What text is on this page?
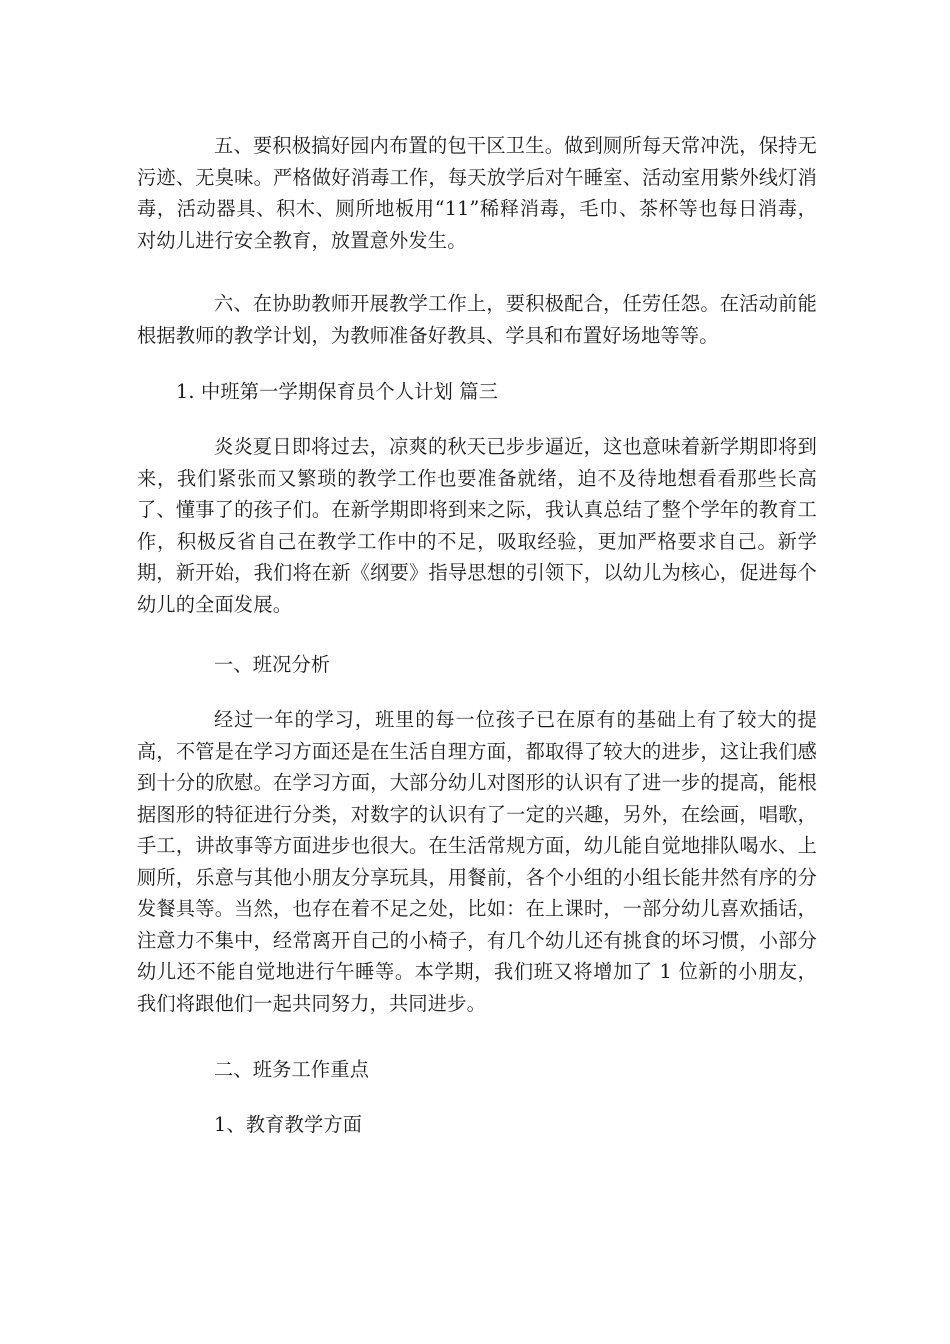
五、要积极搞好园内布置的包干区卫生。做到厕所每天常冲洗，保持无污迹、无臭味。严格做好消毒工作，每天放学后对午睡室、活动室用紫外线灯消毒，活动器具、积木、厕所地板用“11”稀释消毒，毛巾、茶杯等也每日消毒，对幼儿进行安全教育，放置意外发生。

六、在协助教师开展教学工作上，要积极配合，任劳任怨。在活动前能根据教师的教学计划，为教师准备好教具、学具和布置好场地等等。

1. 中班第一学期保育员个人计划 篇三

炎炎夏日即将过去，凉爽的秋天已步步逼近，这也意味着新学期即将到来，我们紧张而又繁琐的教学工作也要准备就绪，迫不及待地想看看那些长高了、懂事了的孩子们。在新学期即将到来之际，我认真总结了整个学年的教育工作，积极反省自己在教学工作中的不足，吸取经验，更加严格要求自己。新学期，新开始，我们将在新《纲要》指导思想的引领下，以幼儿为核心，促进每个幼儿的全面发展。

一、班况分析

经过一年的学习，班里的每一位孩子已在原有的基础上有了较大的提高，不管是在学习方面还是在生活自理方面，都取得了较大的进步，这让我们感到十分的欣慰。在学习方面，大部分幼儿对图形的认识有了进一步的提高，能根据图形的特征进行分类，对数字的认识有了一定的兴趣，另外，在绘画，唱歌，手工，讲故事等方面进步也很大。在生活常规方面，幼儿能自觉地排队喝水、上厕所，乐意与其他小朋友分享玩具，用餐前，各个小组的小组长能井然有序的分发餐具等。当然，也存在着不足之处，比如：在上课时，一部分幼儿喜欢插话，注意力不集中，经常离开自己的小椅子，有几个幼儿还有挑食的坏习惯，小部分幼儿还不能自觉地进行午睡等。本学期，我们班又将增加了 1 位新的小朋友，我们将跟他们一起共同努力，共同进步。

二、班务工作重点

1、教育教学方面
